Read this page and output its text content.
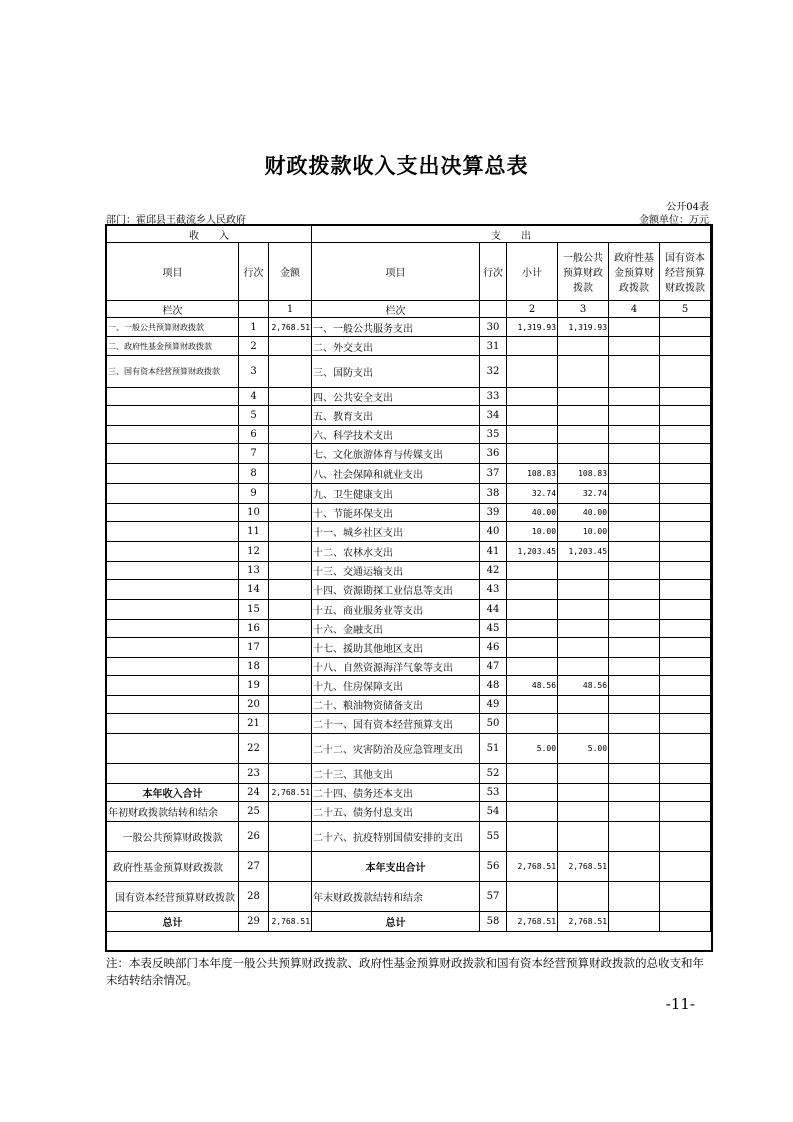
财政拨款收入支出决算总表
公开04表
部门：霍邱县王截流乡人民政府	金额单位：万元
收　　入			支　　出					
项目	行次	金额	项目	行次	小计	一般公共预算财政拨款	政府性基金预算财政拨款	国有资本经营预算财政拨款
栏次		1	栏次		2	3	4	5
一、一般公共预算财政拨款	1	2,768.51	一、一般公共服务支出	30	1,319.93	1,319.93		
二、政府性基金预算财政拨款	2		二、外交支出	31				
三、国有资本经营预算财政拨款	3		三、国防支出	32				
	4		四、公共安全支出	33				
	5		五、教育支出	34				
	6		六、科学技术支出	35				
	7		七、文化旅游体育与传媒支出	36				
	8		八、社会保障和就业支出	37	108.83	108.83		
	9		九、卫生健康支出	38	32.74	32.74		
	10		十、节能环保支出	39	40.00	40.00		
	11		十一、城乡社区支出	40	10.00	10.00		
	12		十二、农林水支出	41	1,203.45	1,203.45		
	13		十三、交通运输支出	42				
	14		十四、资源勘探工业信息等支出	43				
	15		十五、商业服务业等支出	44				
	16		十六、金融支出	45				
	17		十七、援助其他地区支出	46				
	18		十八、自然资源海洋气象等支出	47				
	19		十九、住房保障支出	48	48.56	48.56		
	20		二十、粮油物资储备支出	49				
	21		二十一、国有资本经营预算支出	50				
	22		二十二、灾害防治及应急管理支出	51	5.00	5.00		
	23		二十三、其他支出	52				
本年收入合计	24	2,768.51	二十四、债务还本支出	53				
年初财政拨款结转和结余	25		二十五、债务付息支出	54				
一般公共预算财政拨款	26		二十六、抗疫特别国债安排的支出	55				
政府性基金预算财政拨款	27		本年支出合计	56	2,768.51	2,768.51		
国有资本经营预算财政拨款	28		年末财政拨款结转和结余	57				
总计	29	2,768.51	总计	58	2,768.51	2,768.51		
注：本表反映部门本年度一般公共预算财政拨款、政府性基金预算财政拨款和国有资本经营预算财政拨款的总收支和年末结转结余情况。
-11-
